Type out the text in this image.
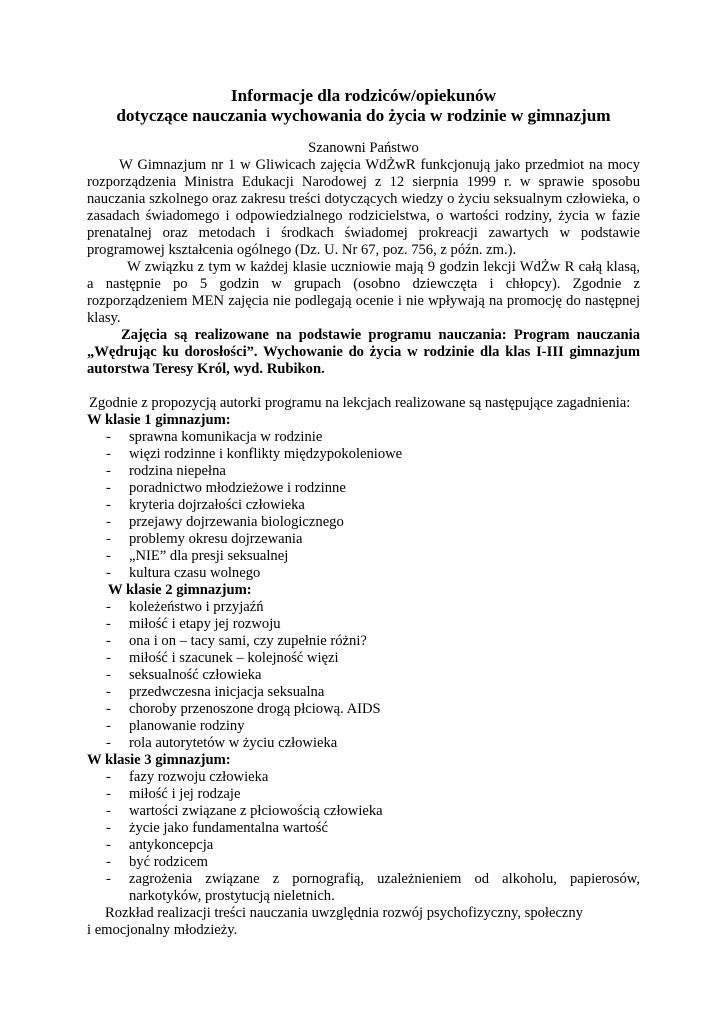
Informacje dla rodziców/opiekunów
dotyczące nauczania wychowania do życia w rodzinie w gimnazjum
Szanowni Państwo

W Gimnazjum nr 1 w Gliwicach zajęcia WdŻwR funkcjonują jako przedmiot na mocy rozporządzenia Ministra Edukacji Narodowej z 12 sierpnia 1999 r. w sprawie sposobu nauczania szkolnego oraz zakresu treści dotyczących wiedzy o życiu seksualnym człowieka, o zasadach świadomego i odpowiedzialnego rodzicielstwa, o wartości rodziny, życia w fazie prenatalnej oraz metodach i środkach świadomej prokreacji zawartych w podstawie programowej kształcenia ogólnego (Dz. U. Nr 67, poz. 756, z późn. zm.).

W związku z tym w każdej klasie uczniowie mają 9 godzin lekcji WdŻw R całą klasą, a następnie po 5 godzin w grupach (osobno dziewczęta i chłopcy). Zgodnie z rozporządzeniem MEN zajęcia nie podlegają ocenie i nie wpływają na promocję do następnej klasy.

Zajęcia są realizowane na podstawie programu nauczania: Program nauczania „Wędrując ku dorosłości”. Wychowanie do życia w rodzinie dla klas I-III gimnazjum autorstwa Teresy Król, wyd. Rubikon.

Zgodnie z propozycją autorki programu na lekcjach realizowane są następujące zagadnienia:

W klasie 1 gimnazjum:
- sprawna komunikacja w rodzinie
- więzi rodzinne i konflikty międzypokoleniowe
- rodzina niepełna
- poradnictwo młodzieżowe i rodzinne
- kryteria dojrzałości człowieka
- przejawy dojrzewania biologicznego
- problemy okresu dojrzewania
- „NIE” dla presji seksualnej
- kultura czasu wolnego
W klasie 2 gimnazjum:
- koleżeństwo i przyjaźń
- miłość i etapy jej rozwoju
- ona i on – tacy sami, czy zupełnie różni?
- miłość i szacunek – kolejność więzi
- seksualność człowieka
- przedwczesna inicjacja seksualna
- choroby przenoszone drogą płciową. AIDS
- planowanie rodziny
- rola autorytetów w życiu człowieka
W klasie 3 gimnazjum:
- fazy rozwoju człowieka
- miłość i jej rodzaje
- wartości związane z płciowością człowieka
- życie jako fundamentalna wartość
- antykoncepcja
- być rodzicem
- zagrożenia związane z pornografią, uzależnieniem od alkoholu, papierosów, narkotyków, prostytucją nieletnich.
Rozkład realizacji treści nauczania uwzględnia rozwój psychofizyczny, społeczny
i emocjonalny młodzieży.
